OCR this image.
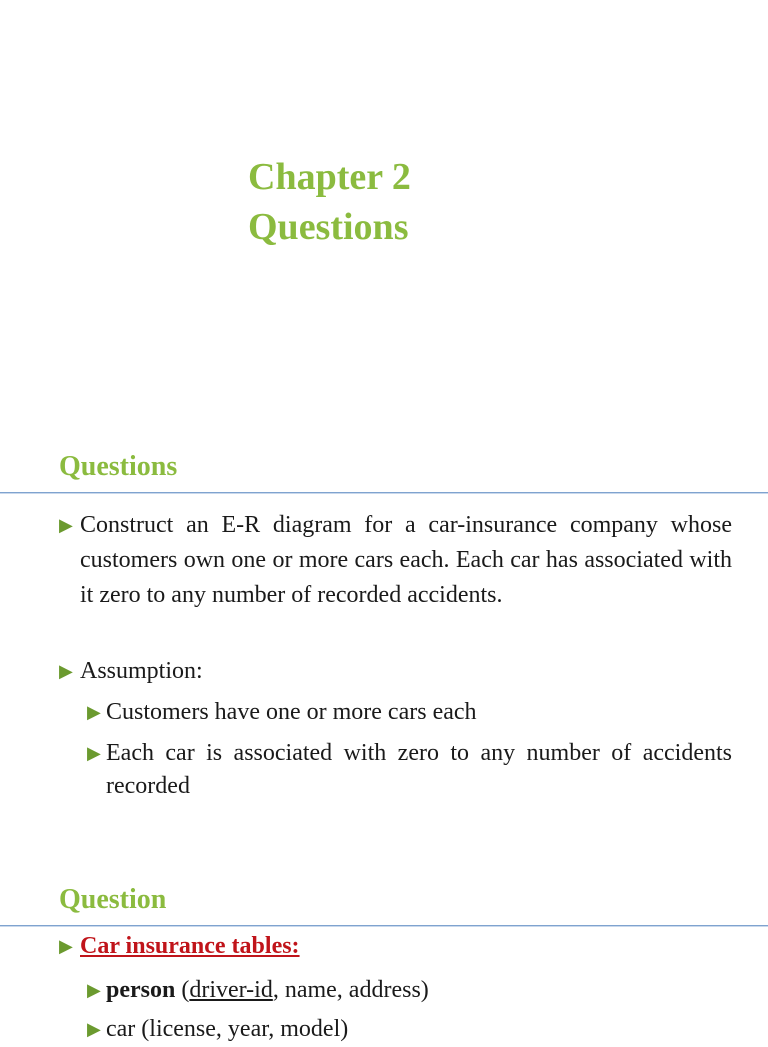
Chapter 2
Questions
Questions
▶ Construct an E-R diagram for a car-insurance company whose customers own one or more cars each. Each car has associated with it zero to any number of recorded accidents.
▶ Assumption:
▶ Customers have one or more cars each
▶ Each car is associated with zero to any number of accidents recorded
Question
▶ Car insurance tables:
▶ person (driver-id, name, address)
▶ car (license, year, model)
